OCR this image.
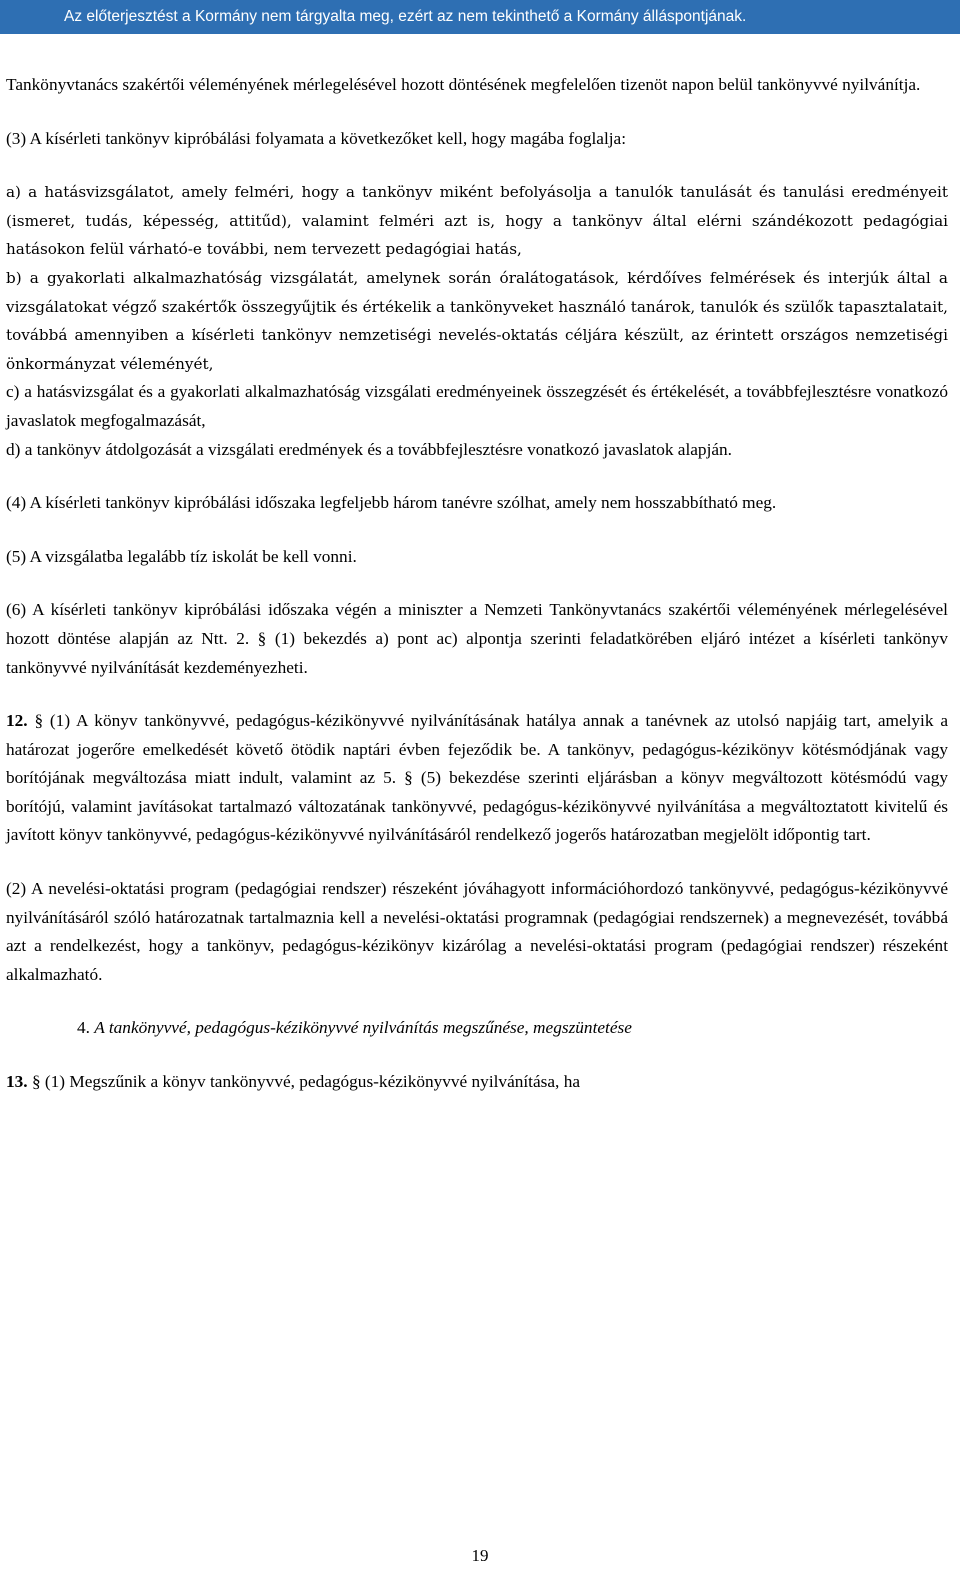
Az előterjesztést a Kormány nem tárgyalta meg, ezért az nem tekinthető a Kormány álláspontjának.

Tankönyvtanács szakértői véleményének mérlegelésével hozott döntésének megfelelően tizenöt napon belül tankönyvvé nyilvánítja.

(3) A kísérleti tankönyv kipróbálási folyamata a következőket kell, hogy magába foglalja:

a) a hatásvizsgálatot, amely felméri, hogy a tankönyv miként befolyásolja a tanulók tanulását és tanulási eredményeit (ismeret, tudás, képesség, attitűd), valamint felméri azt is, hogy a tankönyv által elérni szándékozott pedagógiai hatásokon felül várható-e további, nem tervezett pedagógiai hatás,

b) a gyakorlati alkalmazhatóság vizsgálatát, amelynek során óralátogatások, kérdőíves felmérések és interjúk által a vizsgálatokat végző szakértők összegyűjtik és értékelik a tankönyveket használó tanárok, tanulók és szülők tapasztalatait, továbbá amennyiben a kísérleti tankönyv nemzetiségi nevelés-oktatás céljára készült, az érintett országos nemzetiségi önkormányzat véleményét,

c) a hatásvizsgálat és a gyakorlati alkalmazhatóság vizsgálati eredményeinek összegzését és értékelését, a továbbfejlesztésre vonatkozó javaslatok megfogalmazását,

d) a tankönyv átdolgozását a vizsgálati eredmények és a továbbfejlesztésre vonatkozó javaslatok alapján.

(4) A kísérleti tankönyv kipróbálási időszaka legfeljebb három tanévre szólhat, amely nem hosszabbítható meg.

(5) A vizsgálatba legalább tíz iskolát be kell vonni.

(6) A kísérleti tankönyv kipróbálási időszaka végén a miniszter a Nemzeti Tankönyvtanács szakértői véleményének mérlegelésével hozott döntése alapján az Ntt. 2. § (1) bekezdés a) pont ac) alpontja szerinti feladatkörében eljáró intézet a kísérleti tankönyv tankönyvvé nyilvánítását kezdeményezheti.

12. § (1) A könyv tankönyvvé, pedagógus-kézikönyvvé nyilvánításának hatálya annak a tanévnek az utolsó napjáig tart, amelyik a határozat jogerőre emelkedését követő ötödik naptári évben fejeződik be. A tankönyv, pedagógus-kézikönyv kötésmódjának vagy borítójának megváltozása miatt indult, valamint az 5. § (5) bekezdése szerinti eljárásban a könyv megváltozott kötésmódú vagy borítójú, valamint javításokat tartalmazó változatának tankönyvvé, pedagógus-kézikönyvvé nyilvánítása a megváltoztatott kivitelű és javított könyv tankönyvvé, pedagógus-kézikönyvvé nyilvánításáról rendelkező jogerős határozatban megjelölt időpontig tart.

(2) A nevelési-oktatási program (pedagógiai rendszer) részeként jóváhagyott információhordozó tankönyvvé, pedagógus-kézikönyvvé nyilvánításáról szóló határozatnak tartalmaznia kell a nevelési-oktatási programnak (pedagógiai rendszernek) a megnevezését, továbbá azt a rendelkezést, hogy a tankönyv, pedagógus-kézikönyv kizárólag a nevelési-oktatási program (pedagógiai rendszer) részeként alkalmazható.

4. A tankönyvvé, pedagógus-kézikönyvvé nyilvánítás megszűnése, megszüntetése

13. § (1) Megszűnik a könyv tankönyvvé, pedagógus-kézikönyvvé nyilvánítása, ha

19
